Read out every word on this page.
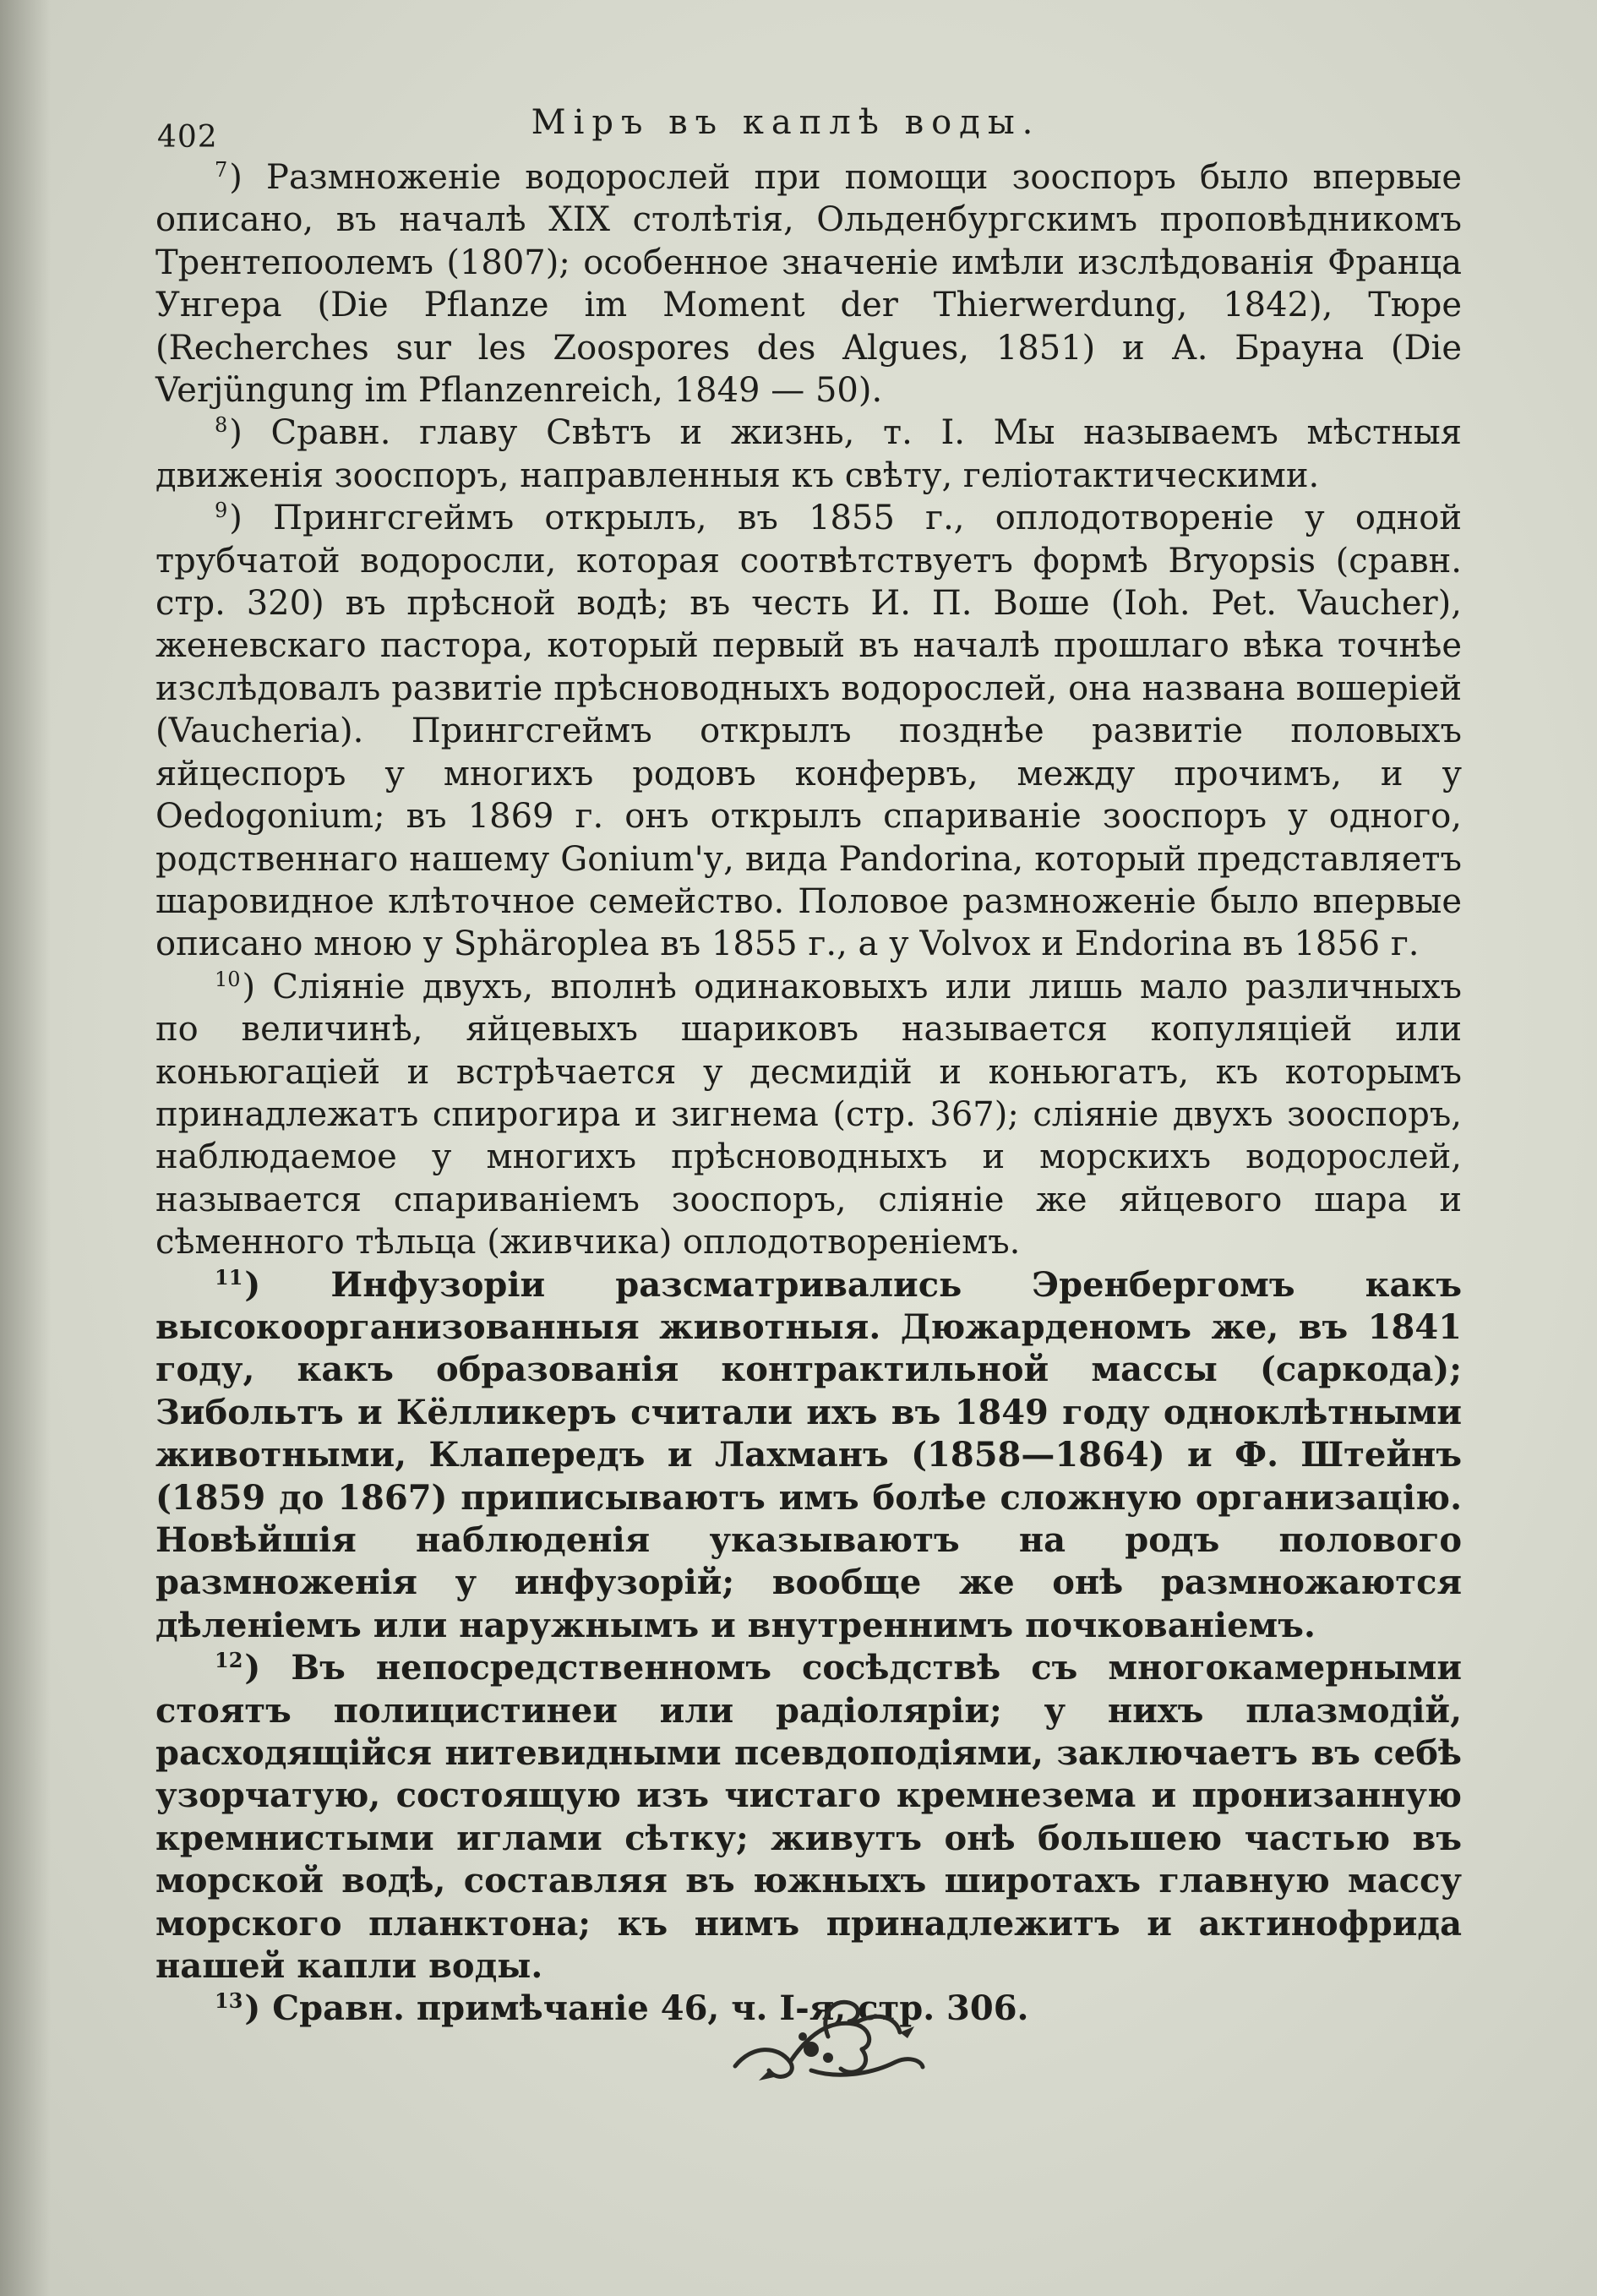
402	Міръ въ каплѣ воды.

$^7$) Размноженіе водорослей при помощи зооспоръ было впервые описано, въ началѣ XIX столѣтія, Ольденбургскимъ проповѣдникомъ Трентепоолемъ (1807); особенное значеніе имѣли изслѣдованія Франца Унгера (Die Pflanze im Moment der Thierwerdung, 1842), Тюре (Recherches sur les Zoospores des Algues, 1851) и А. Брауна (Die Verjüngung im Pflanzenreich, 1849 — 50).

$^8$) Сравн. главу Свѣтъ и жизнь, т. I. Мы называемъ мѣстныя движенія зооспоръ, направленныя къ свѣту, геліотактическими.

$^9$) Прингсгеймъ открылъ, въ 1855 г., оплодотвореніе у одной трубчатой водоросли, которая соотвѣтствуетъ формѣ Bryopsis (сравн. стр. 320) въ прѣсной водѣ; въ честь И. П. Воше (Ioh. Pet. Vaucher), женевскаго пастора, который первый въ началѣ прошлаго вѣка точнѣе изслѣдовалъ развитіе прѣсноводныхъ водорослей, она названа вошеріей (Vaucheria). Прингсгеймъ открылъ позднѣе развитіе половыхъ яйцеспоръ у многихъ родовъ конфервъ, между прочимъ, и у Oedogonium; въ 1869 г. онъ открылъ спариваніе зооспоръ у одного, родственнаго нашему Gonium'у, вида Pandorina, который представляетъ шаровидное клѣточное семейство. Половое размноженіе было впервые описано мною у Sphäroplea въ 1855 г., а у Volvox и Endorina въ 1856 г.

$^{10}$) Сліяніе двухъ, вполнѣ одинаковыхъ или лишь мало различныхъ по величинѣ, яйцевыхъ шариковъ называется копуляціей или коньюгаціей и встрѣчается у десмидій и коньюгатъ, къ которымъ принадлежатъ спирогира и зигнема (стр. 367); сліяніе двухъ зооспоръ, наблюдаемое у многихъ прѣсноводныхъ и морскихъ водорослей, называется спариваніемъ зооспоръ, сліяніе же яйцевого шара и сѣменного тѣльца (живчика) оплодотвореніемъ.

$^{11}$) Инфузоріи разсматривались Эренбергомъ какъ высокоорганизованныя животныя. Дюжарденомъ же, въ 1841 году, какъ образованія контрактильной массы (саркода); Зибольтъ и Кёлликеръ считали ихъ въ 1849 году одноклѣтными животными, Клапередъ и Лахманъ (1858—1864) и Ф. Штейнъ (1859 до 1867) приписываютъ имъ болѣе сложную организацію. Новѣйшія наблюденія указываютъ на родъ полового размноженія у инфузорій; вообще же онѣ размножаются дѣленіемъ или наружнымъ и внутреннимъ почкованіемъ.

$^{12}$) Въ непосредственномъ сосѣдствѣ съ многокамерными стоятъ полицистинеи или радіоляріи; у нихъ плазмодій, расходящійся нитевидными псевдоподіями, заключаетъ въ себѣ узорчатую, состоящую изъ чистаго кремнезема и пронизанную кремнистыми иглами сѣтку; живутъ онѣ большею частью въ морской водѣ, составляя въ южныхъ широтахъ главную массу морского планктона; къ нимъ принадлежитъ и актинофрида нашей капли воды.

$^{13}$) Сравн. примѣчаніе 46, ч. I-я, стр. 306.
